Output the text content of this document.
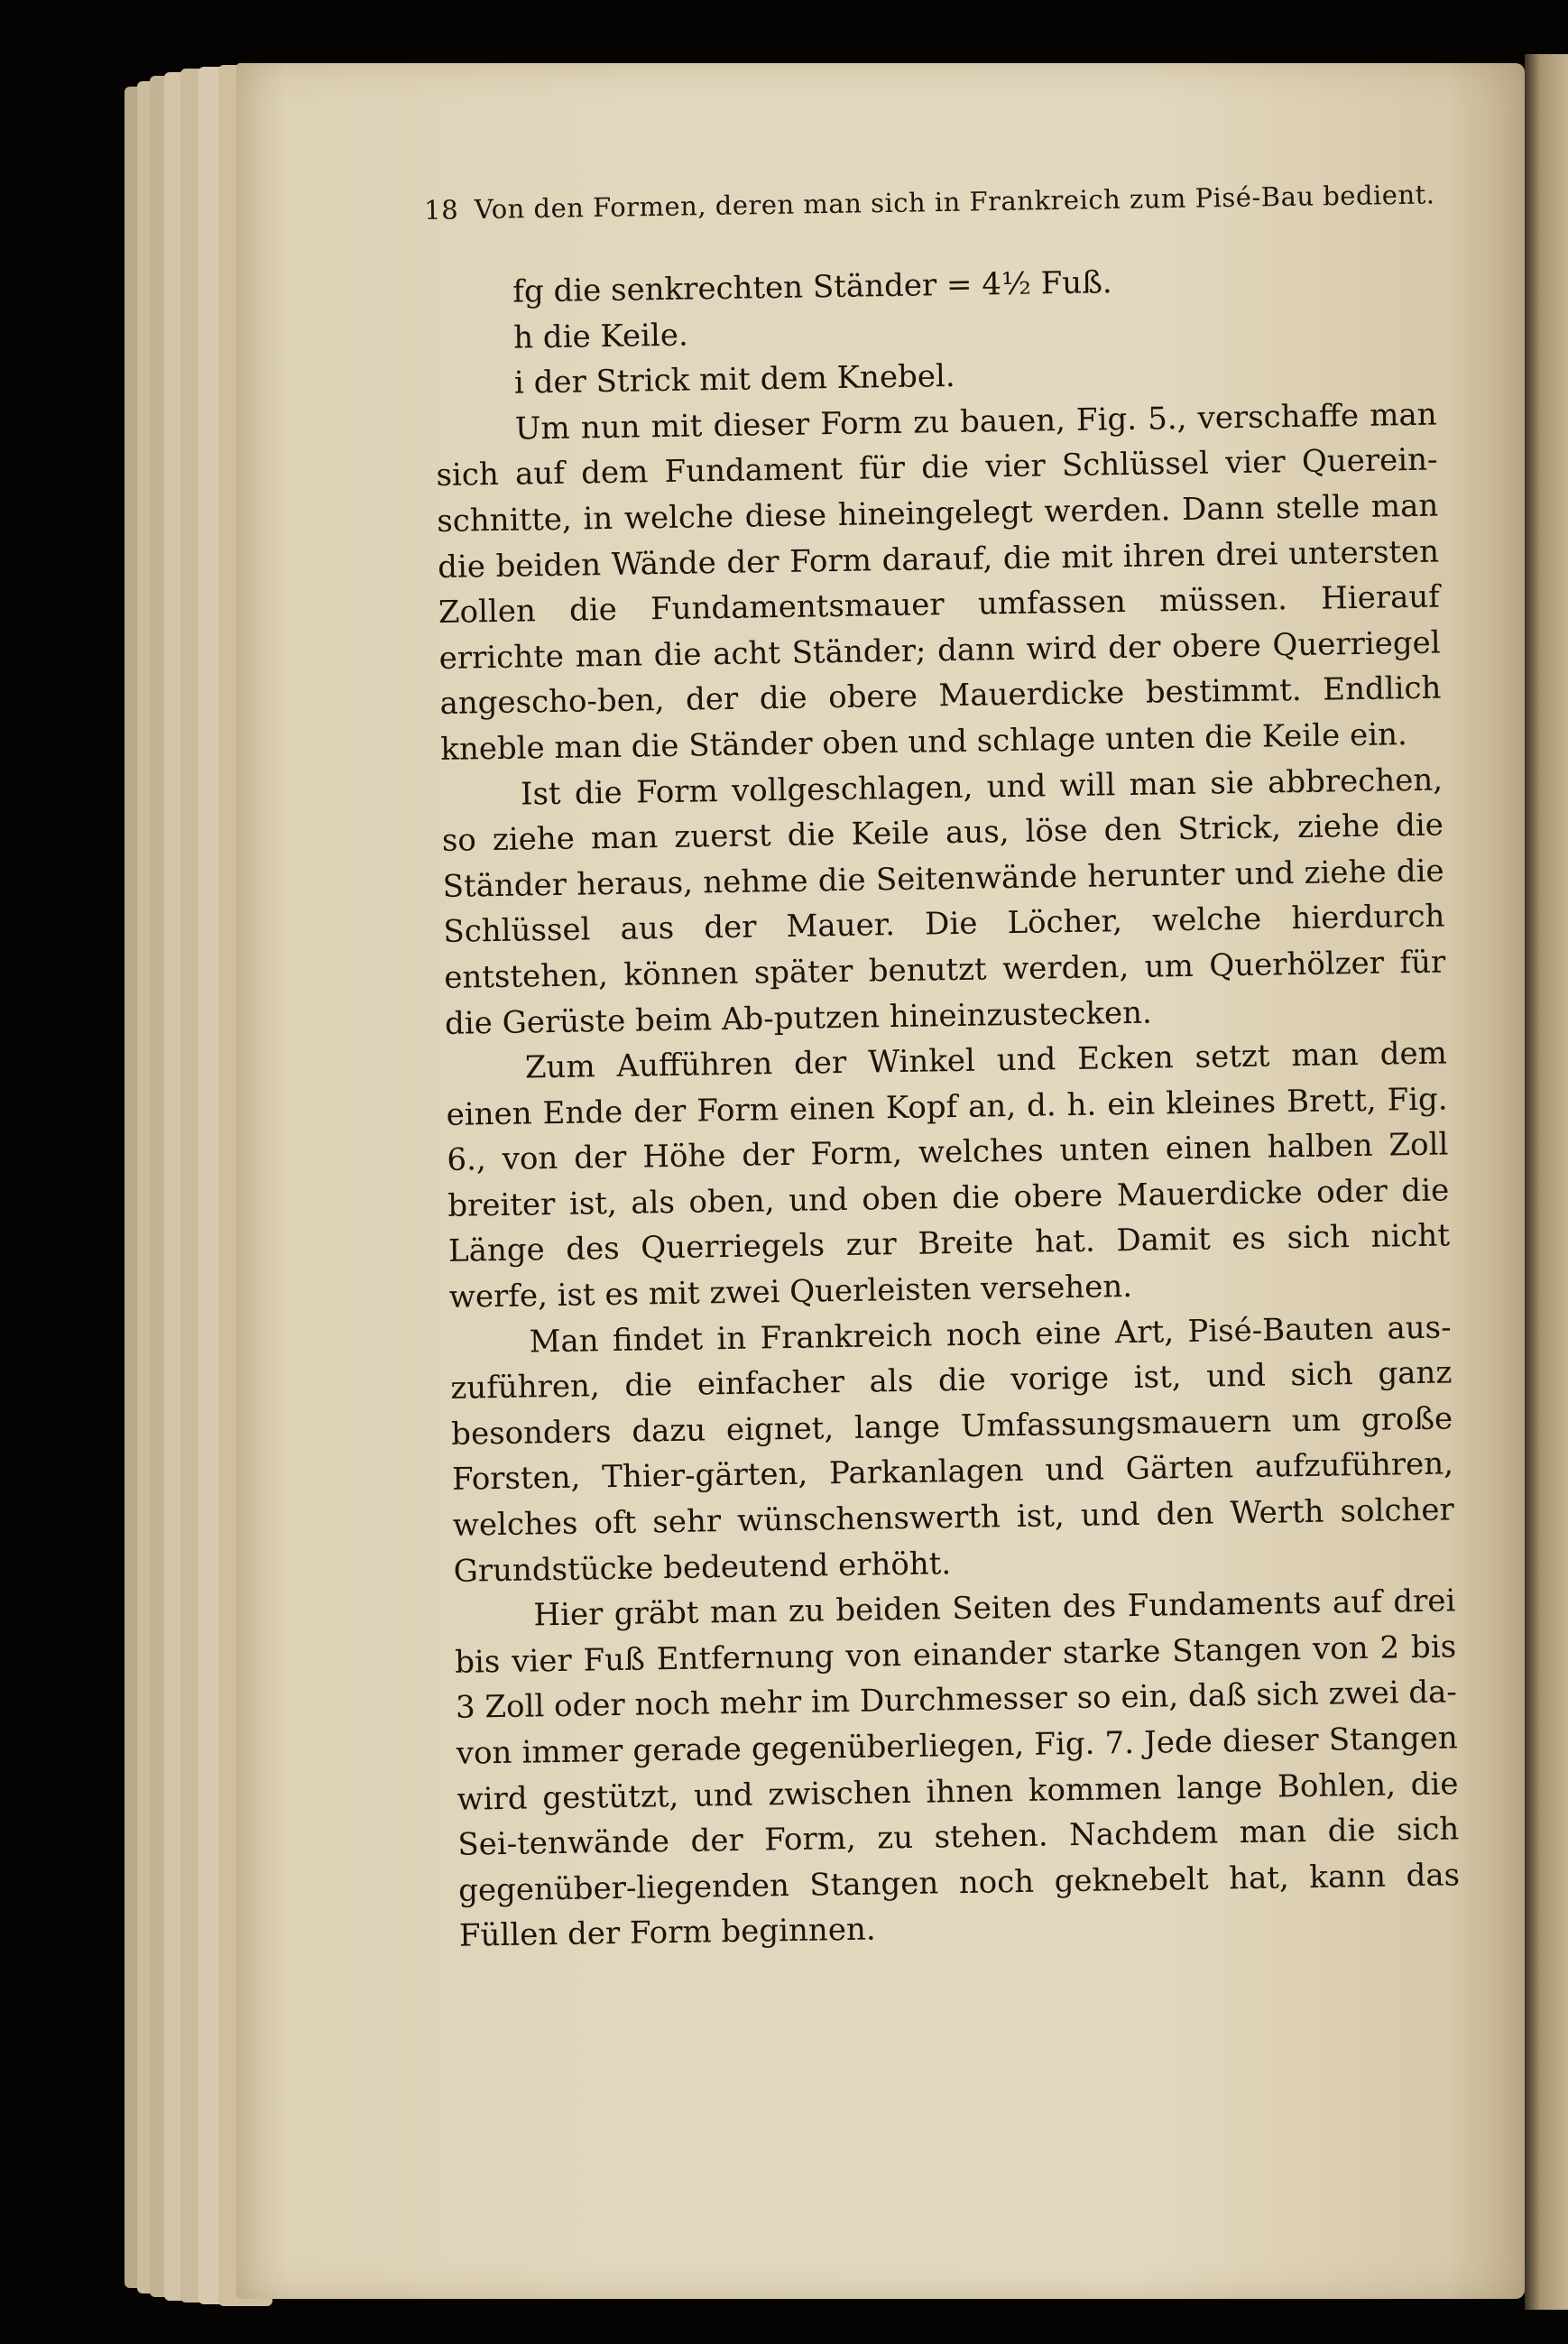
18 Von den Formen, deren man sich in Frankreich zum Pisé-Bau bedient.

fg die senkrechten Ständer = 4½ Fuß.

h die Keile.

i der Strick mit dem Knebel.

Um nun mit dieser Form zu bauen, Fig. 5., verschaffe man sich auf dem Fundament für die vier Schlüssel vier Querein-schnitte, in welche diese hineingelegt werden. Dann stelle man die beiden Wände der Form darauf, die mit ihren drei untersten Zollen die Fundamentsmauer umfassen müssen. Hierauf errichte man die acht Ständer; dann wird der obere Querriegel angescho-ben, der die obere Mauerdicke bestimmt. Endlich kneble man die Ständer oben und schlage unten die Keile ein.

Ist die Form vollgeschlagen, und will man sie abbrechen, so ziehe man zuerst die Keile aus, löse den Strick, ziehe die Ständer heraus, nehme die Seitenwände herunter und ziehe die Schlüssel aus der Mauer. Die Löcher, welche hierdurch entstehen, können später benutzt werden, um Querhölzer für die Gerüste beim Ab-putzen hineinzustecken.

Zum Aufführen der Winkel und Ecken setzt man dem einen Ende der Form einen Kopf an, d. h. ein kleines Brett, Fig. 6., von der Höhe der Form, welches unten einen halben Zoll breiter ist, als oben, und oben die obere Mauerdicke oder die Länge des Querriegels zur Breite hat. Damit es sich nicht werfe, ist es mit zwei Querleisten versehen.

Man findet in Frankreich noch eine Art, Pisé-Bauten aus-zuführen, die einfacher als die vorige ist, und sich ganz besonders dazu eignet, lange Umfassungsmauern um große Forsten, Thier-gärten, Parkanlagen und Gärten aufzuführen, welches oft sehr wünschenswerth ist, und den Werth solcher Grundstücke bedeutend erhöht.

Hier gräbt man zu beiden Seiten des Fundaments auf drei bis vier Fuß Entfernung von einander starke Stangen von 2 bis 3 Zoll oder noch mehr im Durchmesser so ein, daß sich zwei da-von immer gerade gegenüberliegen, Fig. 7. Jede dieser Stangen wird gestützt, und zwischen ihnen kommen lange Bohlen, die Sei-tenwände der Form, zu stehen. Nachdem man die sich gegenüber-liegenden Stangen noch geknebelt hat, kann das Füllen der Form beginnen.
